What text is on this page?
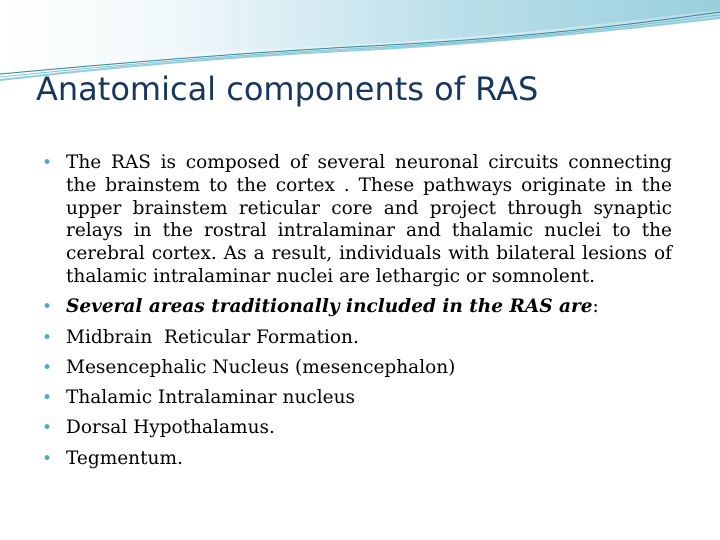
Anatomical components of RAS
• The RAS is composed of several neuronal circuits connecting the brainstem to the cortex . These pathways originate in the upper brainstem reticular core and project through synaptic relays in the rostral intralaminar and thalamic nuclei to the cerebral cortex. As a result, individuals with bilateral lesions of thalamic intralaminar nuclei are lethargic or somnolent.
• Several areas traditionally included in the RAS are:
• Midbrain  Reticular Formation.
• Mesencephalic Nucleus (mesencephalon)
• Thalamic Intralaminar nucleus
• Dorsal Hypothalamus.
• Tegmentum.
